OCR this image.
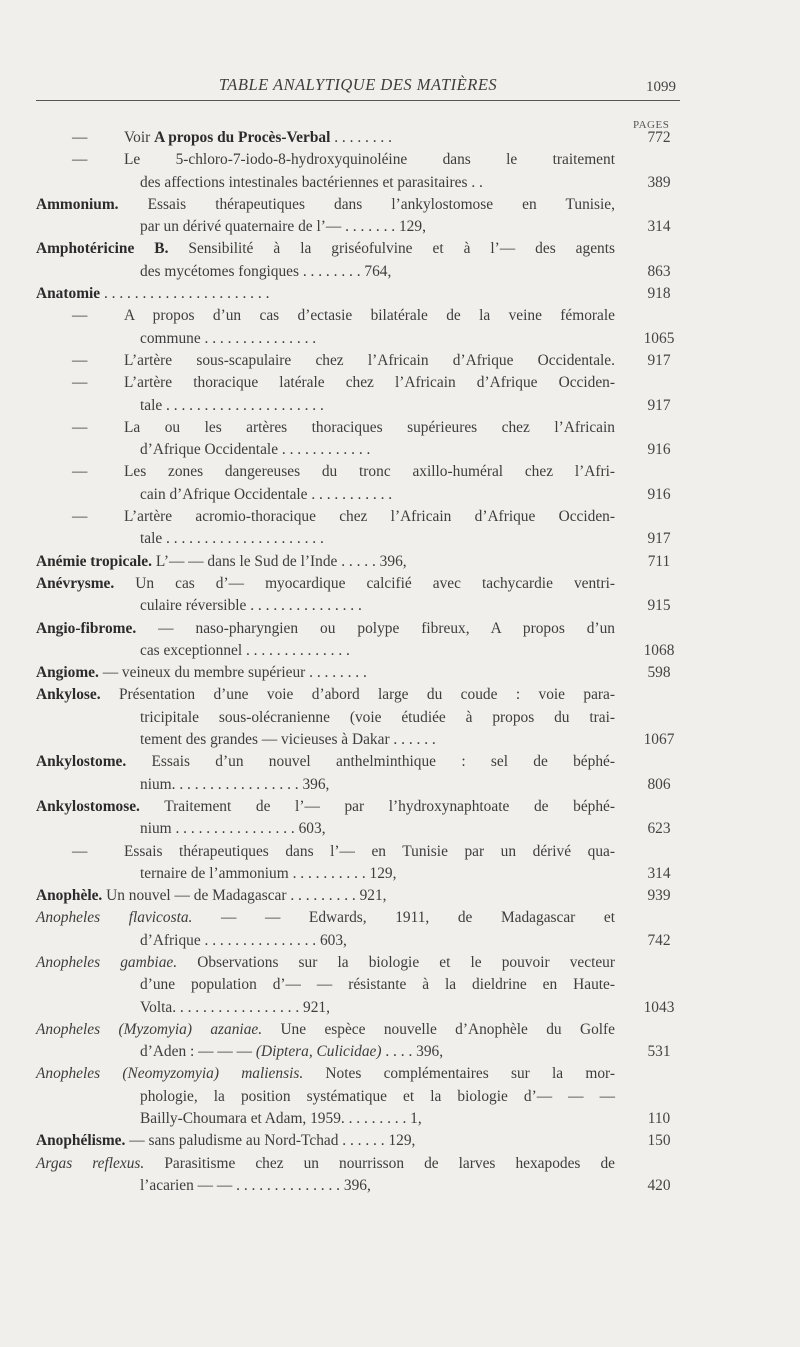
TABLE ANALYTIQUE DES MATIÈRES	1099
PAGES
— Voir A propos du Procès-Verbal . . . . . . . .	772
— Le 5-chloro-7-iodo-8-hydroxyquinoléine dans le traitement
des affections intestinales bactériennes et parasitaires . .	389
Ammonium. Essais thérapeutiques dans l’ankylostomose en Tunisie,
par un dérivé quaternaire de l’— . . . . . . . 129,	314
Amphotéricine B. Sensibilité à la griséofulvine et à l’— des agents
des mycétomes fongiques . . . . . . . . 764,	863
Anatomie . . . . . . . . . . . . . . . . . . . . . .	918
— A propos d’un cas d’ectasie bilatérale de la veine fémorale
commune . . . . . . . . . . . . . . .	1065
— L’artère sous-scapulaire chez l’Africain d’Afrique Occidentale.	917
— L’artère thoracique latérale chez l’Africain d’Afrique Occiden-
tale . . . . . . . . . . . . . . . . . . . . .	917
— La ou les artères thoraciques supérieures chez l’Africain
d’Afrique Occidentale . . . . . . . . . . . .	916
— Les zones dangereuses du tronc axillo-huméral chez l’Afri-
cain d’Afrique Occidentale . . . . . . . . . . .	916
— L’artère acromio-thoracique chez l’Africain d’Afrique Occiden-
tale . . . . . . . . . . . . . . . . . . . . .	917
Anémie tropicale. L’— — dans le Sud de l’Inde . . . . . 396,	711
Anévrysme. Un cas d’— myocardique calcifié avec tachycardie ventri-
culaire réversible . . . . . . . . . . . . . . .	915
Angio-fibrome. — naso-pharyngien ou polype fibreux, A propos d’un
cas exceptionnel . . . . . . . . . . . . . .	1068
Angiome. — veineux du membre supérieur . . . . . . . .	598
Ankylose. Présentation d’une voie d’abord large du coude : voie para-
tricipitale sous-olécranienne (voie étudiée à propos du trai-
tement des grandes — vicieuses à Dakar . . . . . .	1067
Ankylostome. Essais d’un nouvel anthelminthique : sel de béphé-
nium. . . . . . . . . . . . . . . . . 396,	806
Ankylostomose. Traitement de l’— par l’hydroxynaphtoate de béphé-
nium . . . . . . . . . . . . . . . . 603,	623
— Essais thérapeutiques dans l’— en Tunisie par un dérivé qua-
ternaire de l’ammonium . . . . . . . . . . 129,	314
Anophèle. Un nouvel — de Madagascar . . . . . . . . . 921,	939
Anopheles flavicosta. — — Edwards, 1911, de Madagascar et
d’Afrique . . . . . . . . . . . . . . . 603,	742
Anopheles gambiae. Observations sur la biologie et le pouvoir vecteur
d’une population d’— — résistante à la dieldrine en Haute-
Volta. . . . . . . . . . . . . . . . . 921,	1043
Anopheles (Myzomyia) azaniae. Une espèce nouvelle d’Anophèle du Golfe
d’Aden : — — — (Diptera, Culicidae) . . . . 396,	531
Anopheles (Neomyzomyia) maliensis. Notes complémentaires sur la mor-
phologie, la position systématique et la biologie d’— — —
Bailly-Choumara et Adam, 1959. . . . . . . . . 1,	110
Anophélisme. — sans paludisme au Nord-Tchad . . . . . . 129,	150
Argas reflexus. Parasitisme chez un nourrisson de larves hexapodes de
l’acarien — — . . . . . . . . . . . . . . 396,	420
